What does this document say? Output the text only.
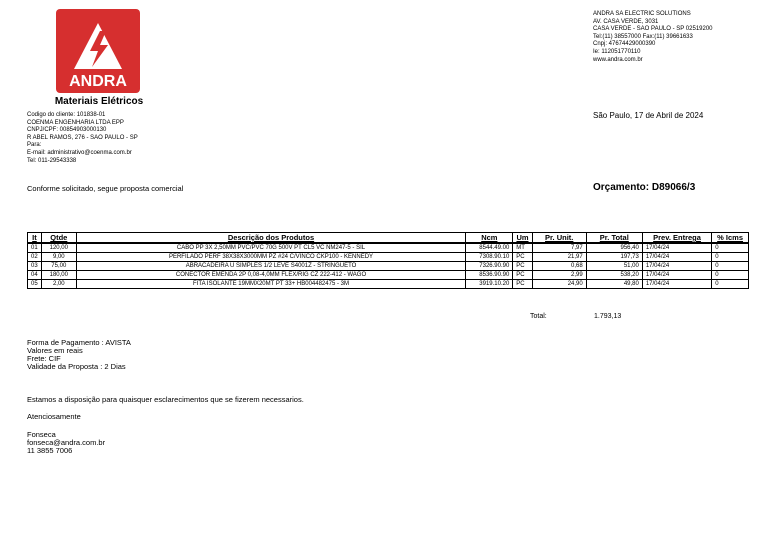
ANDRA
Materiais Elétricos
Codigo do cliente: 101838-01
COENMA ENGENHARIA LTDA EPP
CNPJ/CPF: 00854903000130
R ABEL RAMOS, 276 - SAO PAULO - SP
Para:
E-mail: administrativo@coenma.com.br
Tel: 011-29543338
ANDRA SA ELECTRIC SOLUTIONS
AV. CASA VERDE, 3031
CASA VERDE - SAO PAULO - SP 02519200
Tel:(11) 38557000 Fax:(11) 39661633
Cnpj: 47674429000390
Ie: 112051770110
www.andra.com.br
São Paulo, 17 de Abril de 2024
Conforme solicitado, segue proposta comercial	Orçamento: D89066/3
It	Qtde	Descrição dos Produtos	Ncm	Um	Pr. Unit.	Pr. Total	Prev. Entrega	% Icms
01	120,00	CABO PP 3X 2,50MM PVC/PVC 70G 500V PT CL5 VC NM247-5 - SIL	8544.49.00	MT	7,97	956,40	17/04/24	0
02	9,00	PERFILADO PERF 38X38X3000MM PZ #24 C/VINCO CKP100 - KENNEDY	7308.90.10	PC	21,97	197,73	17/04/24	0
03	75,00	ABRACADEIRA U SIMPLES 1/2 LEVE S4001Z - STRINGUETO	7326.90.90	PC	0,68	51,00	17/04/24	0
04	180,00	CONECTOR EMENDA 2P 0,08-4,0MM FLEX/RIG CZ 222-412 - WAGO	8536.90.90	PC	2,99	538,20	17/04/24	0
05	2,00	FITA ISOLANTE 19MMX20MT PT 33+ HB004482475 - 3M	3919.10.20	PC	24,90	49,80	17/04/24	0
Total:	1.793,13
Forma de Pagamento : AVISTA
Valores em reais
Frete: CIF
Validade da Proposta : 2 Dias
Estamos a disposição para quaisquer esclarecimentos que se fizerem necessarios.
Atenciosamente
Fonseca
fonseca@andra.com.br
11 3855 7006
